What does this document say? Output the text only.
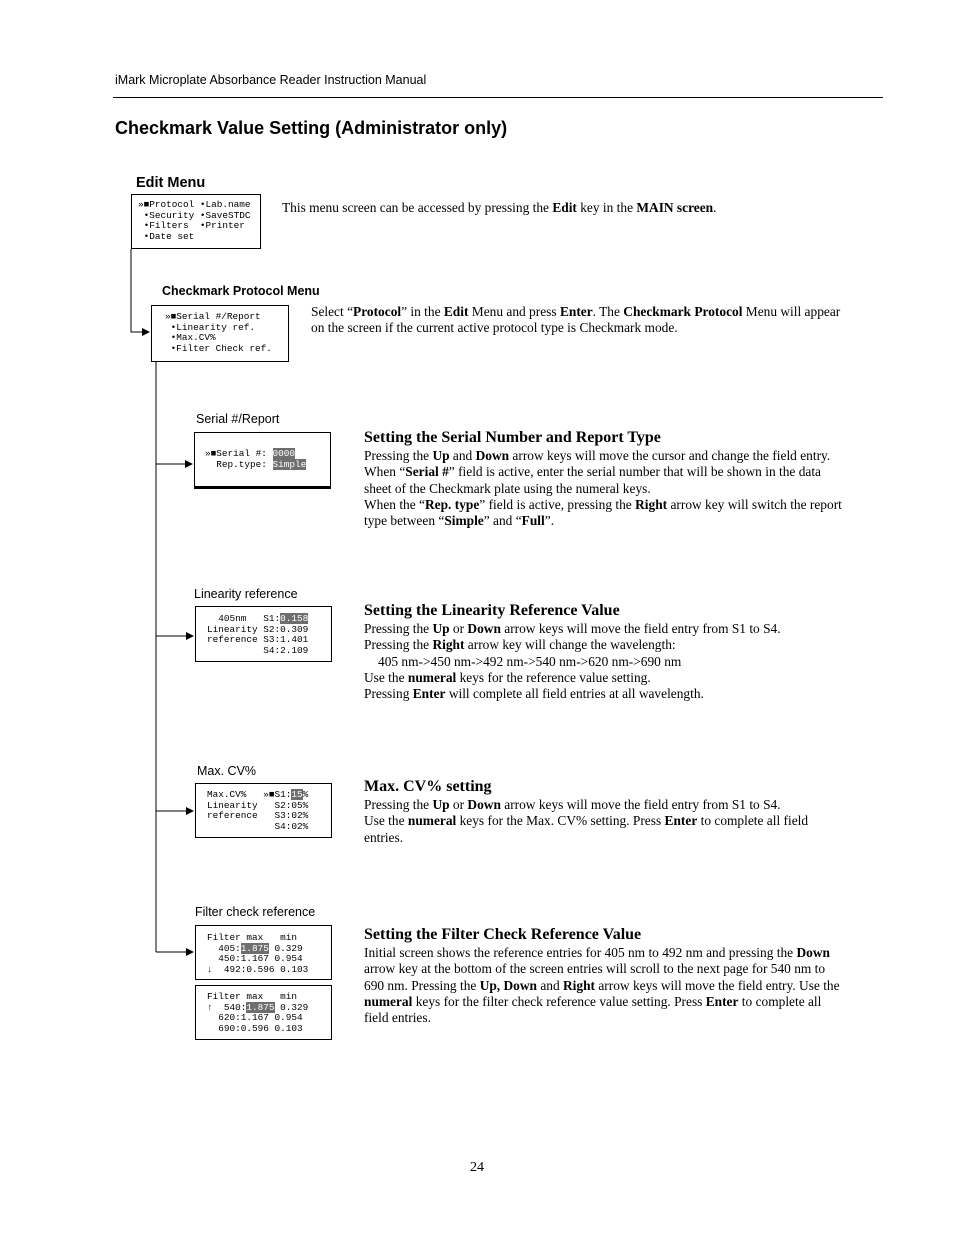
iMark Microplate Absorbance Reader Instruction Manual
Checkmark Value Setting (Administrator only)
Edit Menu
»■Protocol •Lab.name
•Security •SaveSTDC
•Filters  •Printer
•Date set
This menu screen can be accessed by pressing the Edit key in the MAIN screen.
Checkmark Protocol Menu
»■Serial #/Report
•Linearity ref.
•Max.CV%
•Filter Check ref.
Select “Protocol” in the Edit Menu and press Enter. The Checkmark Protocol Menu will appear on the screen if the current active protocol type is Checkmark mode.
Serial #/Report
»■Serial #: 0000
Rep.type: Simple
Setting the Serial Number and Report Type

Pressing the Up and Down arrow keys will move the cursor and change the field entry.

When “Serial #” field is active, enter the serial number that will be shown in the data sheet of the Checkmark plate using the numeral keys.

When the “Rep. type” field is active, pressing the Right arrow key will switch the report type between “Simple” and “Full”.

Linearity reference
405nm   S1:0.158
Linearity S2:0.309
reference S3:1.401
S4:2.109
Setting the Linearity Reference Value

Pressing the Up or Down arrow keys will move the field entry from S1 to S4.

Pressing the Right arrow key will change the wavelength:

405 nm->450 nm->492 nm->540 nm->620 nm->690 nm

Use the numeral keys for the reference value setting.

Pressing Enter will complete all field entries at all wavelength.

Max. CV%
Max.CV%   »■S1:15%
Linearity   S2:05%
reference   S3:02%
S4:02%
Max. CV% setting

Pressing the Up or Down arrow keys will move the field entry from S1 to S4.

Use the numeral keys for the Max. CV% setting. Press Enter to complete all field entries.

Filter check reference
Filter max   min
405:1.875 0.329
450:1.167 0.954
↓  492:0.596 0.103
Filter max   min
↑  540:1.875 0.329
620:1.167 0.954
690:0.596 0.103
Setting the Filter Check Reference Value

Initial screen shows the reference entries for 405 nm to 492 nm and pressing the Down arrow key at the bottom of the screen entries will scroll to the next page for 540 nm to 690 nm. Pressing the Up, Down and Right arrow keys will move the field entry. Use the numeral keys for the filter check reference value setting. Press Enter to complete all field entries.

24
